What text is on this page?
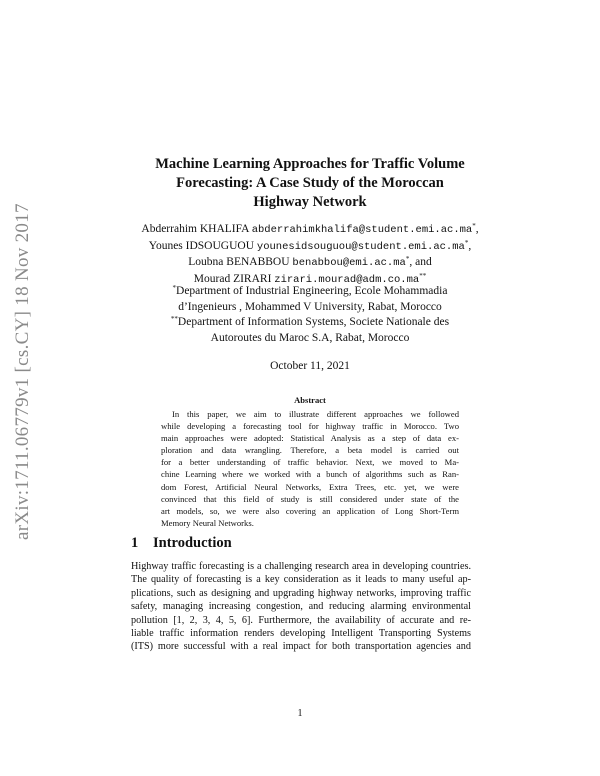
arXiv:1711.06779v1 [cs.CY] 18 Nov 2017
Machine Learning Approaches for Traffic Volume
Forecasting: A Case Study of the Moroccan
Highway Network
Abderrahim KHALIFA abderrahimkhalifa@student.emi.ac.ma*,
Younes IDSOUGUOU younesidsouguou@student.emi.ac.ma*,
Loubna BENABBOU benabbou@emi.ac.ma*, and
Mourad ZIRARI zirari.mourad@adm.co.ma**
*Department of Industrial Engineering, Ecole Mohammadia
d’Ingenieurs , Mohammed V University, Rabat, Morocco
**Department of Information Systems, Societe Nationale des
Autoroutes du Maroc S.A, Rabat, Morocco
October 11, 2021
Abstract
In this paper, we aim to illustrate different approaches we followed
while developing a forecasting tool for highway traffic in Morocco. Two
main approaches were adopted: Statistical Analysis as a step of data ex-
ploration and data wrangling. Therefore, a beta model is carried out
for a better understanding of traffic behavior. Next, we moved to Ma-
chine Learning where we worked with a bunch of algorithms such as Ran-
dom Forest, Artificial Neural Networks, Extra Trees, etc. yet, we were
convinced that this field of study is still considered under state of the
art models, so, we were also covering an application of Long Short-Term
Memory Neural Networks.
1 Introduction
Highway traffic forecasting is a challenging research area in developing countries.
The quality of forecasting is a key consideration as it leads to many useful ap-
plications, such as designing and upgrading highway networks, improving traffic
safety, managing increasing congestion, and reducing alarming environmental
pollution [1, 2, 3, 4, 5, 6]. Furthermore, the availability of accurate and re-
liable traffic information renders developing Intelligent Transporting Systems
(ITS) more successful with a real impact for both transportation agencies and
1
